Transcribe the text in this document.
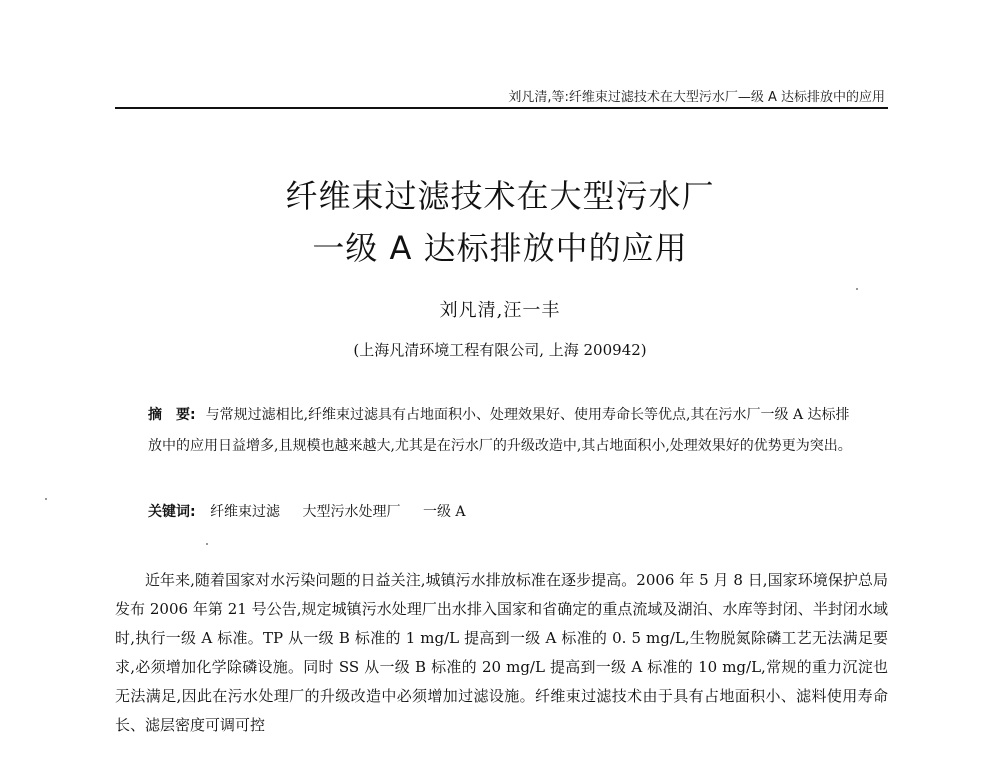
刘凡清,等:纤维束过滤技术在大型污水厂—级 A 达标排放中的应用
纤维束过滤技术在大型污水厂
一级 A 达标排放中的应用
刘凡清,汪一丰
(上海凡清环境工程有限公司, 上海 200942)
摘　要: 与常规过滤相比,纤维束过滤具有占地面积小、处理效果好、使用寿命长等优点,其在污水厂一级 A 达标排放中的应用日益增多,且规模也越来越大,尤其是在污水厂的升级改造中,其占地面积小,处理效果好的优势更为突出。
关键词: 纤维束过滤 大型污水处理厂 一级 A

近年来,随着国家对水污染问题的日益关注,城镇污水排放标准在逐步提高。2006 年 5 月 8 日,国家环境保护总局发布 2006 年第 21 号公告,规定城镇污水处理厂出水排入国家和省确定的重点流域及湖泊、水库等封闭、半封闭水域时,执行一级 A 标准。TP 从一级 B 标准的 1 mg/L 提高到一级 A 标准的 0. 5 mg/L,生物脱氮除磷工艺无法满足要求,必须增加化学除磷设施。同时 SS 从一级 B 标准的 20 mg/L 提高到一级 A 标准的 10 mg/L,常规的重力沉淀也无法满足,因此在污水处理厂的升级改造中必须增加过滤设施。纤维束过滤技术由于具有占地面积小、滤料使用寿命长、滤层密度可调可控
